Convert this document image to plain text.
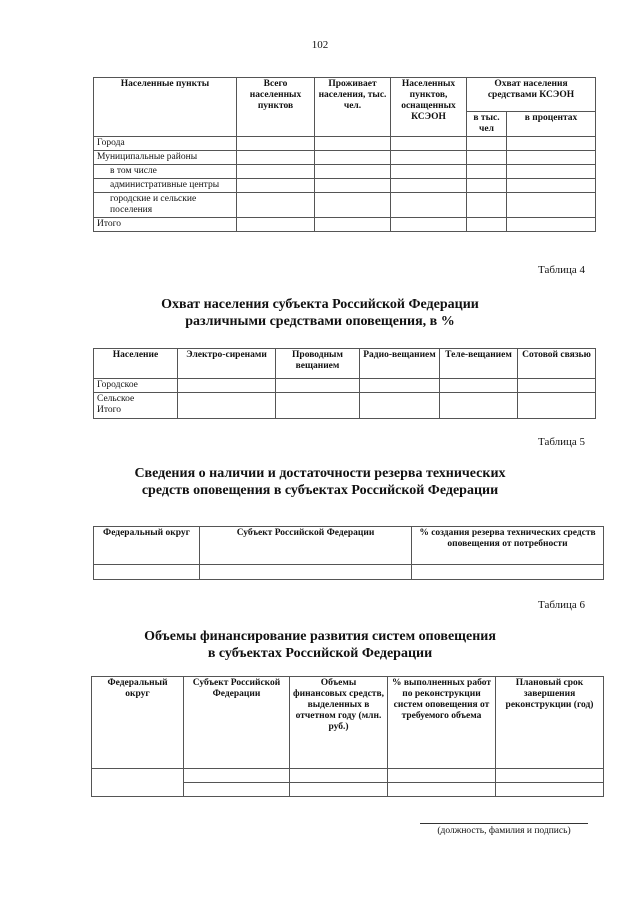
102
Населенные пункты	Всего населенных пунктов	Проживает населения, тыс. чел.	Населенных пунктов, оснащенных КСЭОН	Охват населения средствами КСЭОН	
				в тыс. чел	в процентах
Города					
Муниципальные районы					
в том числе					
административные центры					
городские и сельские поселения					
Итого					
Таблица 4
Охват населения субъекта Российской Федерации
различными средствами оповещения, в %
Население	Электро-сиренами	Проводным вещанием	Радио-вещанием	Теле-вещанием	Сотовой связью
Городское					

Сельское
Итого					

Таблица 5
Сведения о наличии и достаточности резерва технических
средств оповещения в субъектах Российской Федерации
Федеральный округ	Субъект Российской Федерации	% создания резерва технических средств оповещения от потребности

Таблица 6
Объемы финансирование развития систем оповещения
в субъектах Российской Федерации
Федеральный округ	Субъект Российской Федерации	Объемы финансовых средств, выделенных в отчетном году (млн. руб.)	% выполненных работ по реконструкции систем оповещения от требуемого объема	Плановый срок завершения реконструкции (год)

(должность, фамилия и подпись)
